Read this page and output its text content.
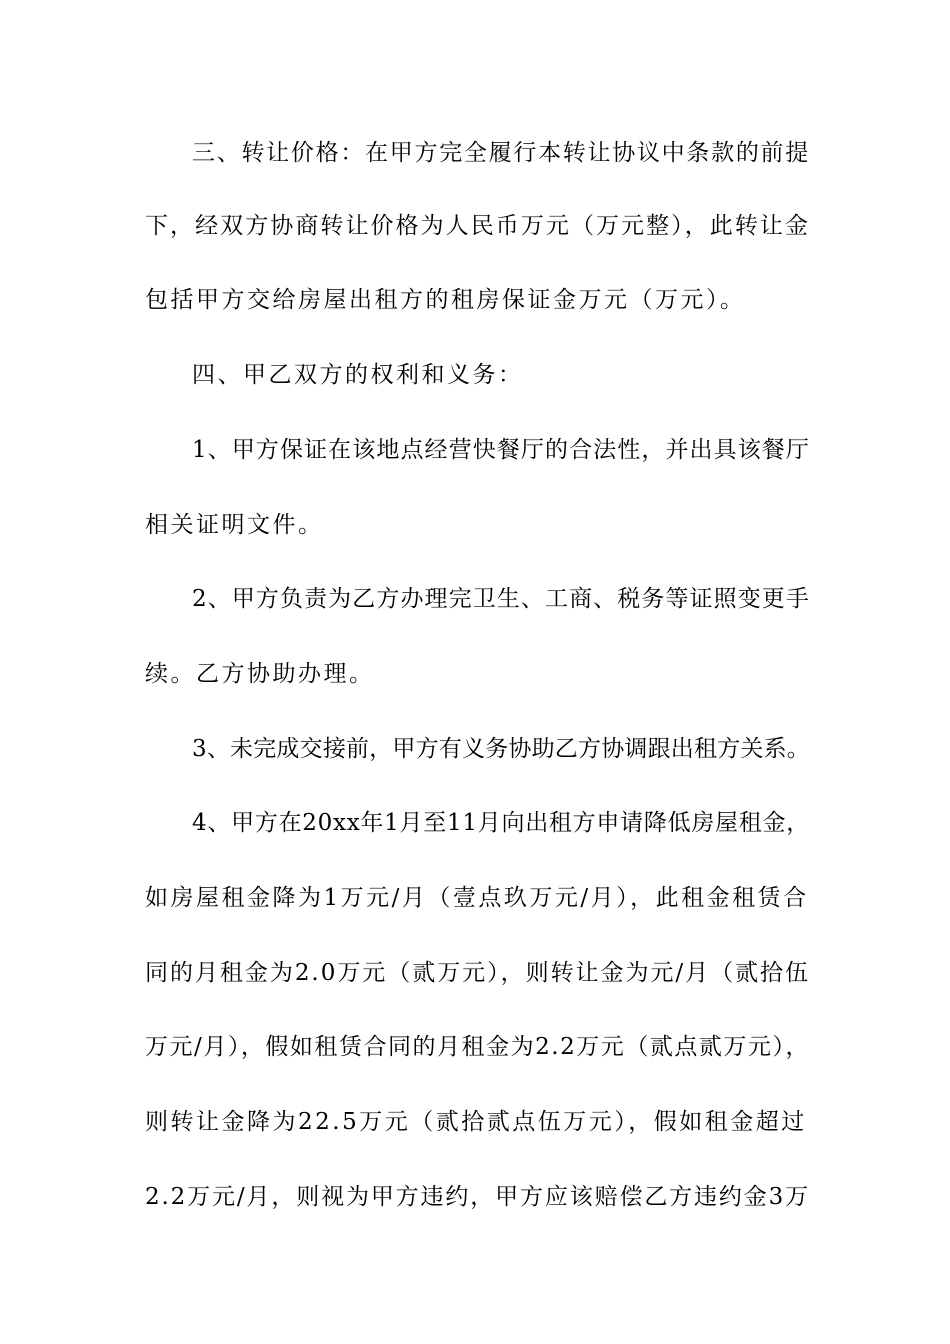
三、转让价格：在甲方完全履行本转让协议中条款的前提
下，经双方协商转让价格为人民币万元（万元整），此转让金
包括甲方交给房屋出租方的租房保证金万元（万元）。
四、甲乙双方的权利和义务：
1、甲方保证在该地点经营快餐厅的合法性，并出具该餐厅
相关证明文件。
2、甲方负责为乙方办理完卫生、工商、税务等证照变更手
续。乙方协助办理。
3、未完成交接前，甲方有义务协助乙方协调跟出租方关系。
4、甲方在20xx年1月至11月向出租方申请降低房屋租金，
如房屋租金降为1万元/月（壹点玖万元/月），此租金租赁合
同的月租金为2.0万元（贰万元），则转让金为元/月（贰拾伍
万元/月），假如租赁合同的月租金为2.2万元（贰点贰万元），
则转让金降为22.5万元（贰拾贰点伍万元），假如租金超过
2.2万元/月，则视为甲方违约，甲方应该赔偿乙方违约金3万
